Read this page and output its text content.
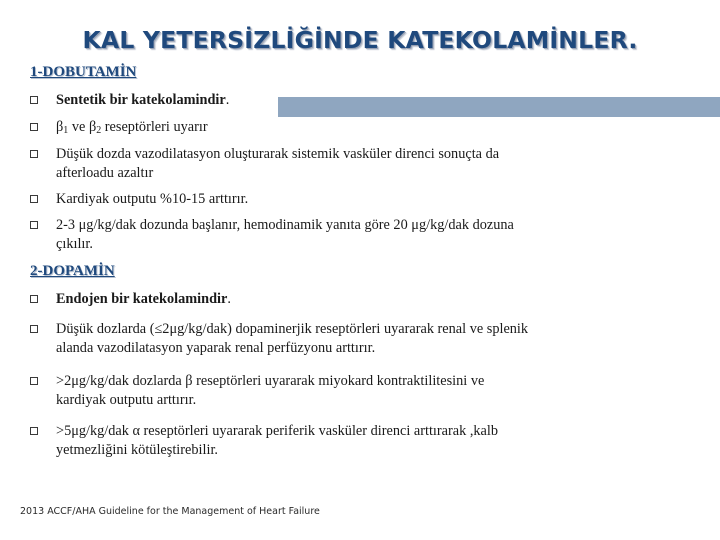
KAL YETERSİZLİĞİNDE KATEKOLAMİNLER.
1-DOBUTAMİN
Sentetik bir katekolamindir.
$\beta_1$ ve $\beta_2$ reseptörleri uyarır
Düşük dozda vazodilatasyon oluşturarak sistemik vasküler direnci sonuçta da
afterloadu azaltır
Kardiyak outputu %10-15 arttırır.
2-3 μg/kg/dak dozunda başlanır, hemodinamik yanıta göre 20 μg/kg/dak dozuna
çıkılır.
2-DOPAMİN
Endojen bir katekolamindir.
Düşük dozlarda (≤2μg/kg/dak) dopaminerjik reseptörleri uyararak renal ve splenik
alanda vazodilatasyon yaparak renal perfüzyonu arttırır.
>2μg/kg/dak dozlarda β reseptörleri uyararak miyokard kontraktilitesini ve
kardiyak outputu arttırır.
>5μg/kg/dak α reseptörleri uyararak periferik vasküler direnci arttırarak ,kalb
yetmezliğini kötüleştirebilir.
2013 ACCF/AHA Guideline for the Management of Heart Failure
